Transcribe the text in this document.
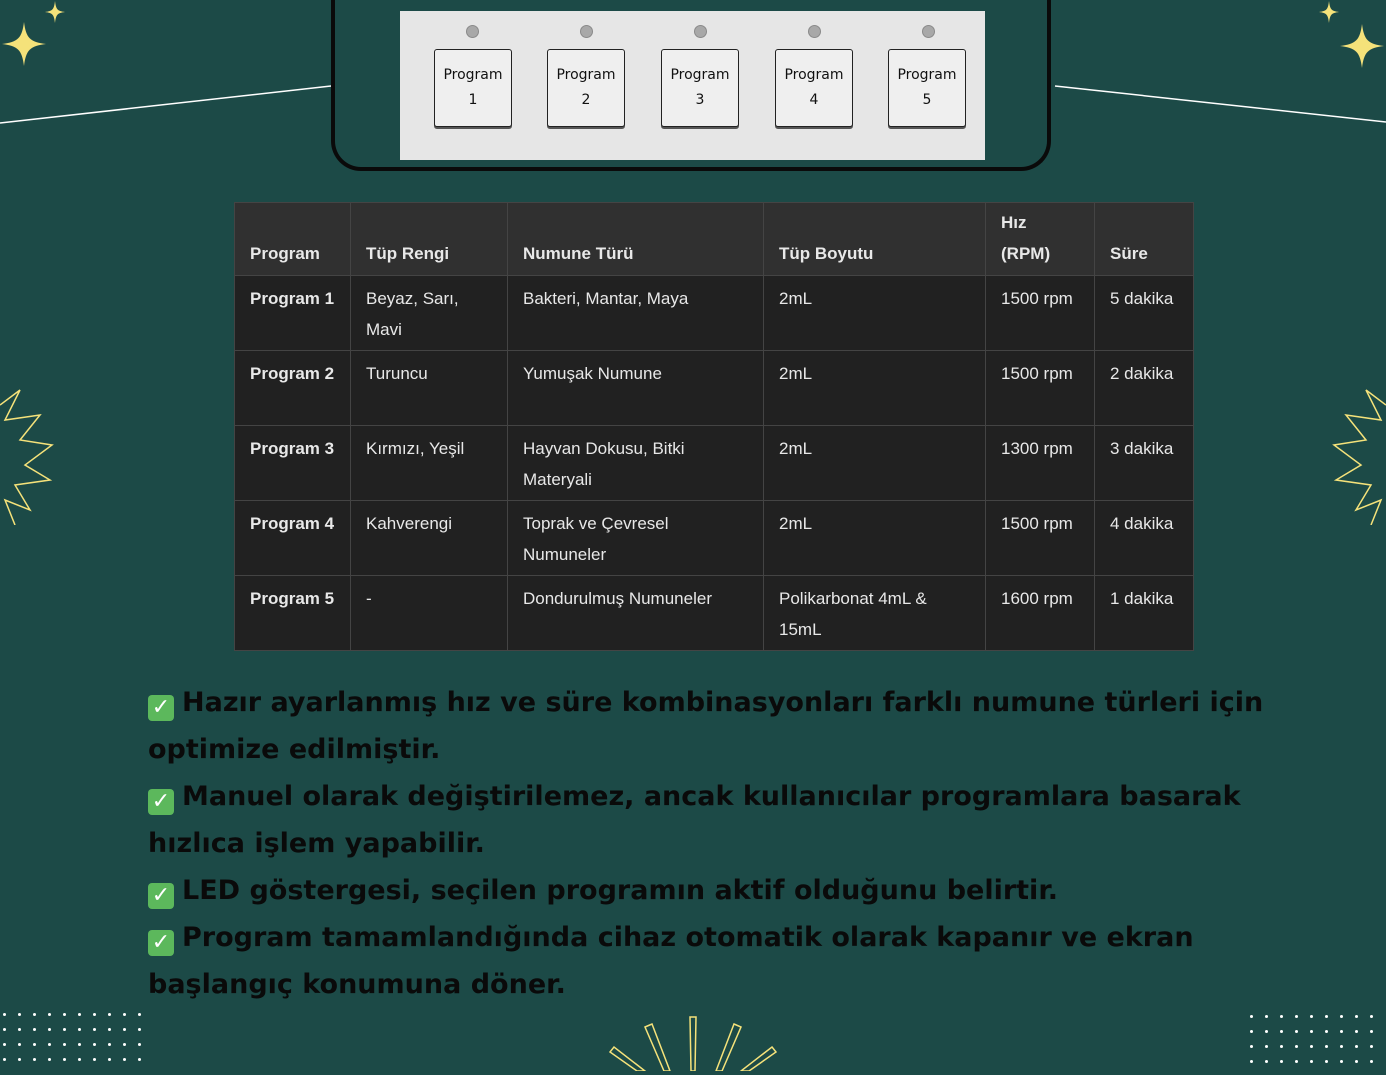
Program
1
Program
2
Program
3
Program
4
Program
5
Program	Tüp Rengi	Numune Türü	Tüp Boyutu	Hız (RPM)	Süre
Program 1	Beyaz, Sarı, Mavi	Bakteri, Mantar, Maya	2mL	1500 rpm	5 dakika
Program 2	Turuncu	Yumuşak Numune	2mL	1500 rpm	2 dakika
Program 3	Kırmızı, Yeşil	Hayvan Dokusu, Bitki Materyali	2mL	1300 rpm	3 dakika
Program 4	Kahverengi	Toprak ve Çevresel Numuneler	2mL	1500 rpm	4 dakika
Program 5	-	Dondurulmuş Numuneler	Polikarbonat 4mL & 15mL	1600 rpm	1 dakika
✓ Hazır ayarlanmış hız ve süre kombinasyonları farklı numune türleri için optimize edilmiştir.
✓ Manuel olarak değiştirilemez, ancak kullanıcılar programlara basarak hızlıca işlem yapabilir.
✓ LED göstergesi, seçilen programın aktif olduğunu belirtir.
✓ Program tamamlandığında cihaz otomatik olarak kapanır ve ekran başlangıç konumuna döner.
